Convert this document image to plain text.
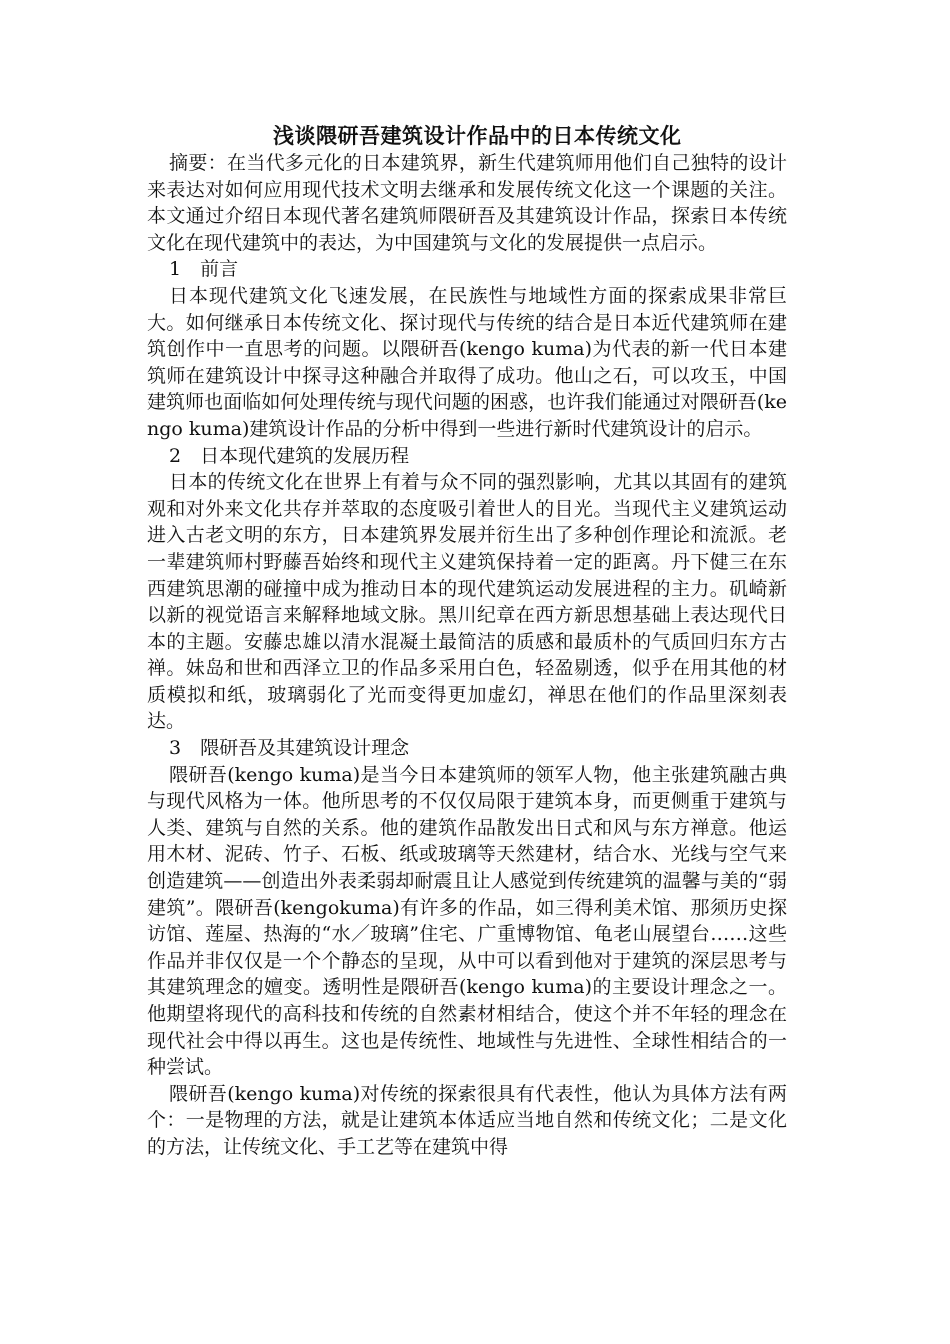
浅谈隈研吾建筑设计作品中的日本传统文化

摘要：在当代多元化的日本建筑界，新生代建筑师用他们自己独特的设计来表达对如何应用现代技术文明去继承和发展传统文化这一个课题的关注。本文通过介绍日本现代著名建筑师隈研吾及其建筑设计作品，探索日本传统文化在现代建筑中的表达，为中国建筑与文化的发展提供一点启示。

1　前言

日本现代建筑文化飞速发展，在民族性与地域性方面的探索成果非常巨大。如何继承日本传统文化、探讨现代与传统的结合是日本近代建筑师在建筑创作中一直思考的问题。以隈研吾(kengo kuma)为代表的新一代日本建筑师在建筑设计中探寻这种融合并取得了成功。他山之石，可以攻玉，中国建筑师也面临如何处理传统与现代问题的困惑，也许我们能通过对隈研吾(kengo kuma)建筑设计作品的分析中得到一些进行新时代建筑设计的启示。

2　日本现代建筑的发展历程

日本的传统文化在世界上有着与众不同的强烈影响，尤其以其固有的建筑观和对外来文化共存并萃取的态度吸引着世人的目光。当现代主义建筑运动进入古老文明的东方，日本建筑界发展并衍生出了多种创作理论和流派。老一辈建筑师村野藤吾始终和现代主义建筑保持着一定的距离。丹下健三在东西建筑思潮的碰撞中成为推动日本的现代建筑运动发展进程的主力。矶崎新以新的视觉语言来解释地域文脉。黑川纪章在西方新思想基础上表达现代日本的主题。安藤忠雄以清水混凝土最简洁的质感和最质朴的气质回归东方古禅。妹岛和世和西泽立卫的作品多采用白色，轻盈剔透，似乎在用其他的材质模拟和纸，玻璃弱化了光而变得更加虚幻，禅思在他们的作品里深刻表达。

3　隈研吾及其建筑设计理念

隈研吾(kengo kuma)是当今日本建筑师的领军人物，他主张建筑融古典与现代风格为一体。他所思考的不仅仅局限于建筑本身，而更侧重于建筑与人类、建筑与自然的关系。他的建筑作品散发出日式和风与东方禅意。他运用木材、泥砖、竹子、石板、纸或玻璃等天然建材，结合水、光线与空气来创造建筑——创造出外表柔弱却耐震且让人感觉到传统建筑的温馨与美的“弱建筑”。隈研吾(kengokuma)有许多的作品，如三得利美术馆、那须历史探访馆、莲屋、热海的“水／玻璃”住宅、广重博物馆、龟老山展望台……这些作品并非仅仅是一个个静态的呈现，从中可以看到他对于建筑的深层思考与其建筑理念的嬗变。透明性是隈研吾(kengo kuma)的主要设计理念之一。他期望将现代的高科技和传统的自然素材相结合，使这个并不年轻的理念在现代社会中得以再生。这也是传统性、地域性与先进性、全球性相结合的一种尝试。

隈研吾(kengo kuma)对传统的探索很具有代表性，他认为具体方法有两个：一是物理的方法，就是让建筑本体适应当地自然和传统文化；二是文化的方法，让传统文化、手工艺等在建筑中得
